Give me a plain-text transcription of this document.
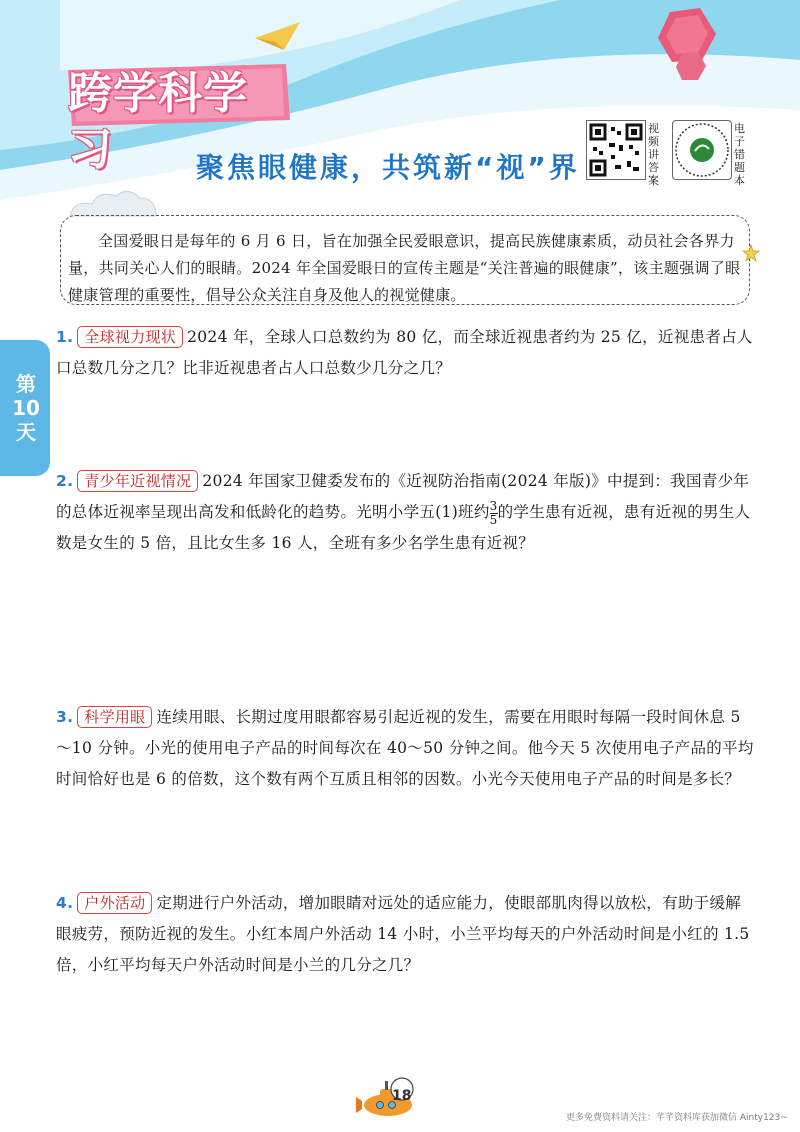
跨学科学习	聚焦眼健康，共筑新“视”界
视频讲答案
电子错题本
全国爱眼日是每年的 6 月 6 日，旨在加强全民爱眼意识，提高民族健康素质，动员社会各界力量，共同关心人们的眼睛。2024 年全国爱眼日的宣传主题是“关注普遍的眼健康”，该主题强调了眼健康管理的重要性，倡导公众关注自身及他人的视觉健康。
第10天
1. 全球视力现状 2024 年，全球人口总数约为 80 亿，而全球近视患者约为 25 亿，近视患者占人口总数几分之几？比非近视患者占人口总数少几分之几？
2. 青少年近视情况 2024 年国家卫健委发布的《近视防治指南(2024 年版)》中提到：我国青少年的总体近视率呈现出高发和低龄化的趋势。光明小学五(1)班约 $\frac{3}{5}$ 的学生患有近视，患有近视的男生人数是女生的 5 倍，且比女生多 16 人，全班有多少名学生患有近视？
3. 科学用眼 连续用眼、长期过度用眼都容易引起近视的发生，需要在用眼时每隔一段时间休息 5～10 分钟。小光的使用电子产品的时间每次在 40～50 分钟之间。他今天 5 次使用电子产品的平均时间恰好也是 6 的倍数，这个数有两个互质且相邻的因数。小光今天使用电子产品的时间是多长？
4. 户外活动 定期进行户外活动，增加眼睛对远处的适应能力，使眼部肌肉得以放松，有助于缓解眼疲劳，预防近视的发生。小红本周户外活动 14 小时，小兰平均每天的户外活动时间是小红的 1.5 倍，小红平均每天户外活动时间是小兰的几分之几？
18
更多免费资料请关注：芊芊资料库获加微信 Ainty123~
